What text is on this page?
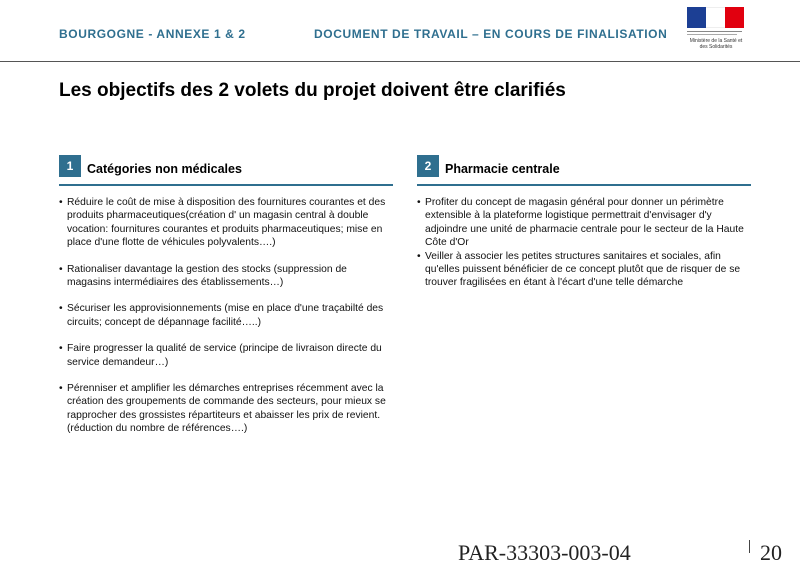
BOURGOGNE - ANNEXE 1 & 2	DOCUMENT DE TRAVAIL – EN COURS DE FINALISATION	Ministère de la Santé et des Solidarités
Les objectifs des 2 volets du projet doivent être clarifiés
1	Catégories non médicales
• Réduire le coût de mise à disposition des fournitures courantes et des produits pharmaceutiques(création d' un magasin central à double vocation: fournitures courantes et produits pharmaceutiques; mise en place d'une flotte de véhicules polyvalents….)
• Rationaliser davantage la gestion des stocks (suppression de magasins intermédiaires des établissements…)
• Sécuriser les approvisionnements (mise en place d'une traçabilté des circuits; concept de dépannage facilité…..)
• Faire progresser la qualité de service (principe de livraison directe du service demandeur…)
• Pérenniser et amplifier les démarches entreprises récemment avec la création des groupements de commande des secteurs, pour mieux se rapprocher des grossistes répartiteurs et abaisser les prix de revient. (réduction du nombre de références….)
2	Pharmacie centrale
• Profiter du concept de magasin général pour donner un périmètre extensible à la plateforme logistique permettrait d'envisager d'y adjoindre une unité de pharmacie centrale pour le secteur de la Haute Côte d'Or
• Veiller à associer les petites structures sanitaires et sociales, afin qu'elles puissent bénéficier de ce concept plutôt que de risquer de se trouver fragilisées en étant à l'écart d'une telle démarche
PAR-33303-003-04	20
